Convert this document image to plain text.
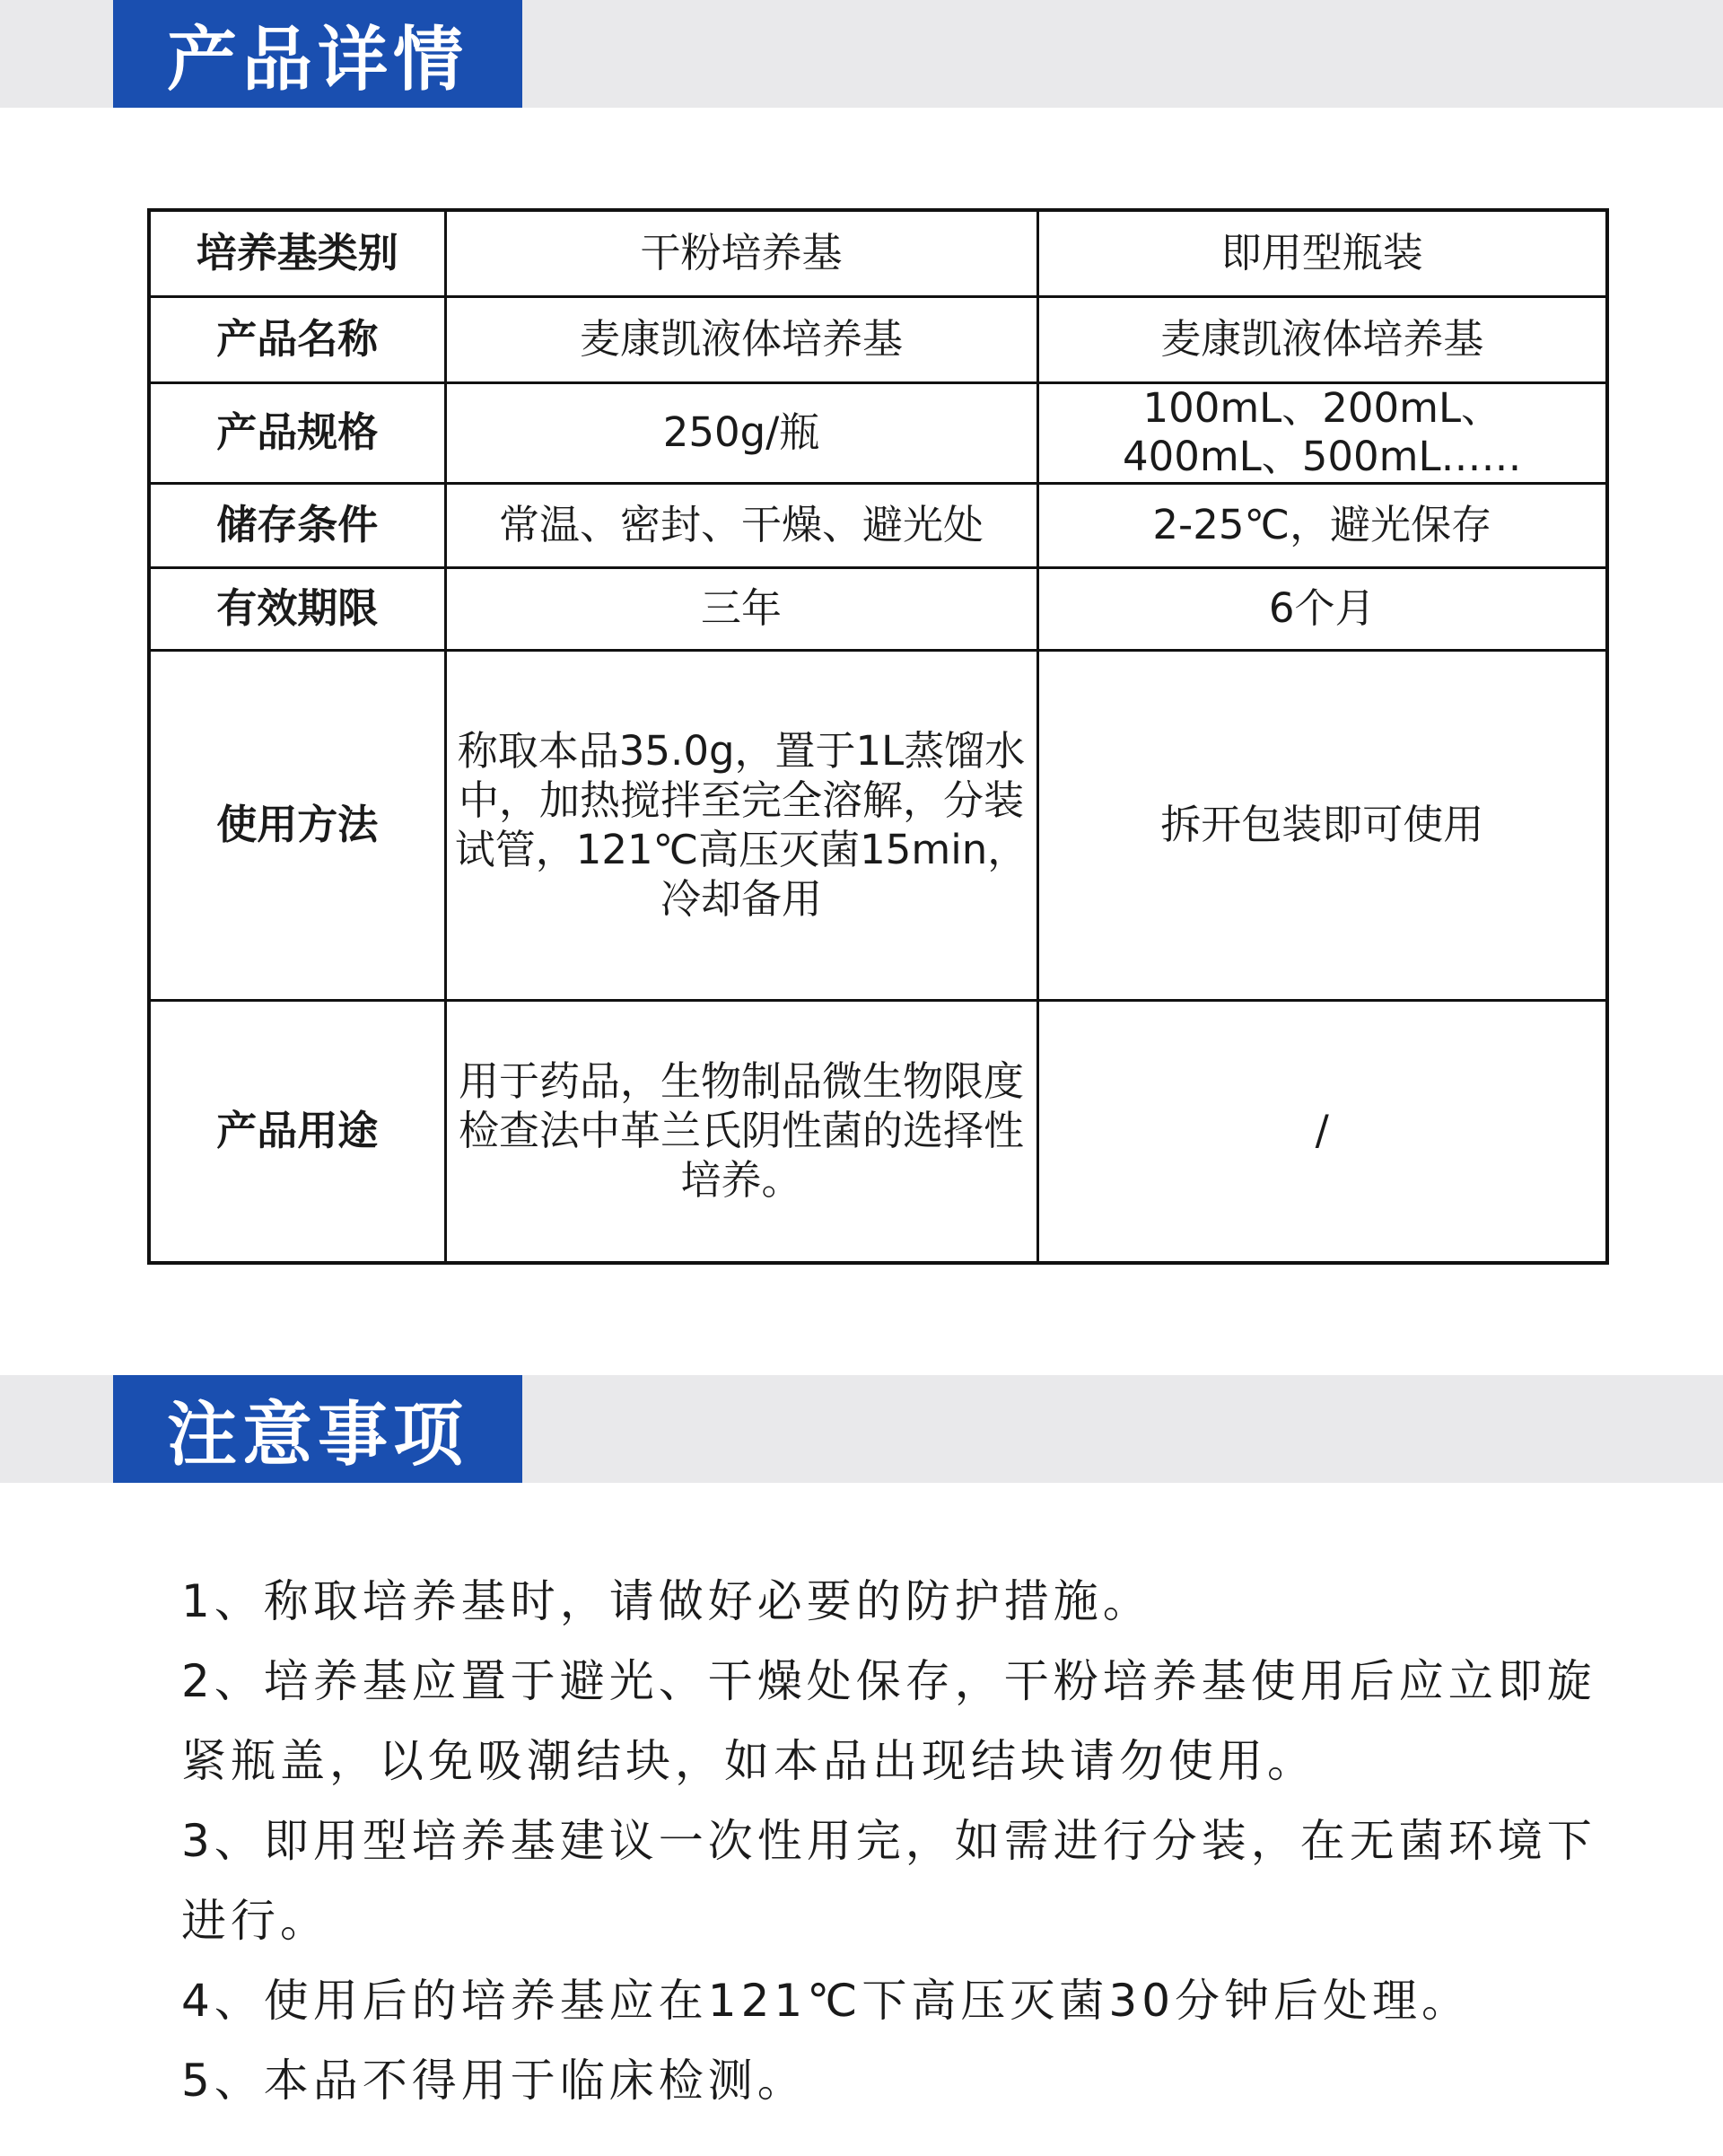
产品详情
培养基类别	干粉培养基	即用型瓶装
产品名称	麦康凯液体培养基	麦康凯液体培养基
产品规格	250g/瓶	100mL、200mL、400mL、500mL……
储存条件	常温、密封、干燥、避光处	2-25℃，避光保存
有效期限	三年	6个月
使用方法	称取本品35.0g，置于1L蒸馏水中，加热搅拌至完全溶解，分装试管，121℃高压灭菌15min，冷却备用	拆开包装即可使用
产品用途	用于药品，生物制品微生物限度检查法中革兰氏阴性菌的选择性培养。	/
注意事项

1、称取培养基时，请做好必要的防护措施。

2、培养基应置于避光、干燥处保存，干粉培养基使用后应立即旋紧瓶盖，以免吸潮结块，如本品出现结块请勿使用。

3、即用型培养基建议一次性用完，如需进行分装，在无菌环境下进行。

4、使用后的培养基应在121℃下高压灭菌30分钟后处理。

5、本品不得用于临床检测。
